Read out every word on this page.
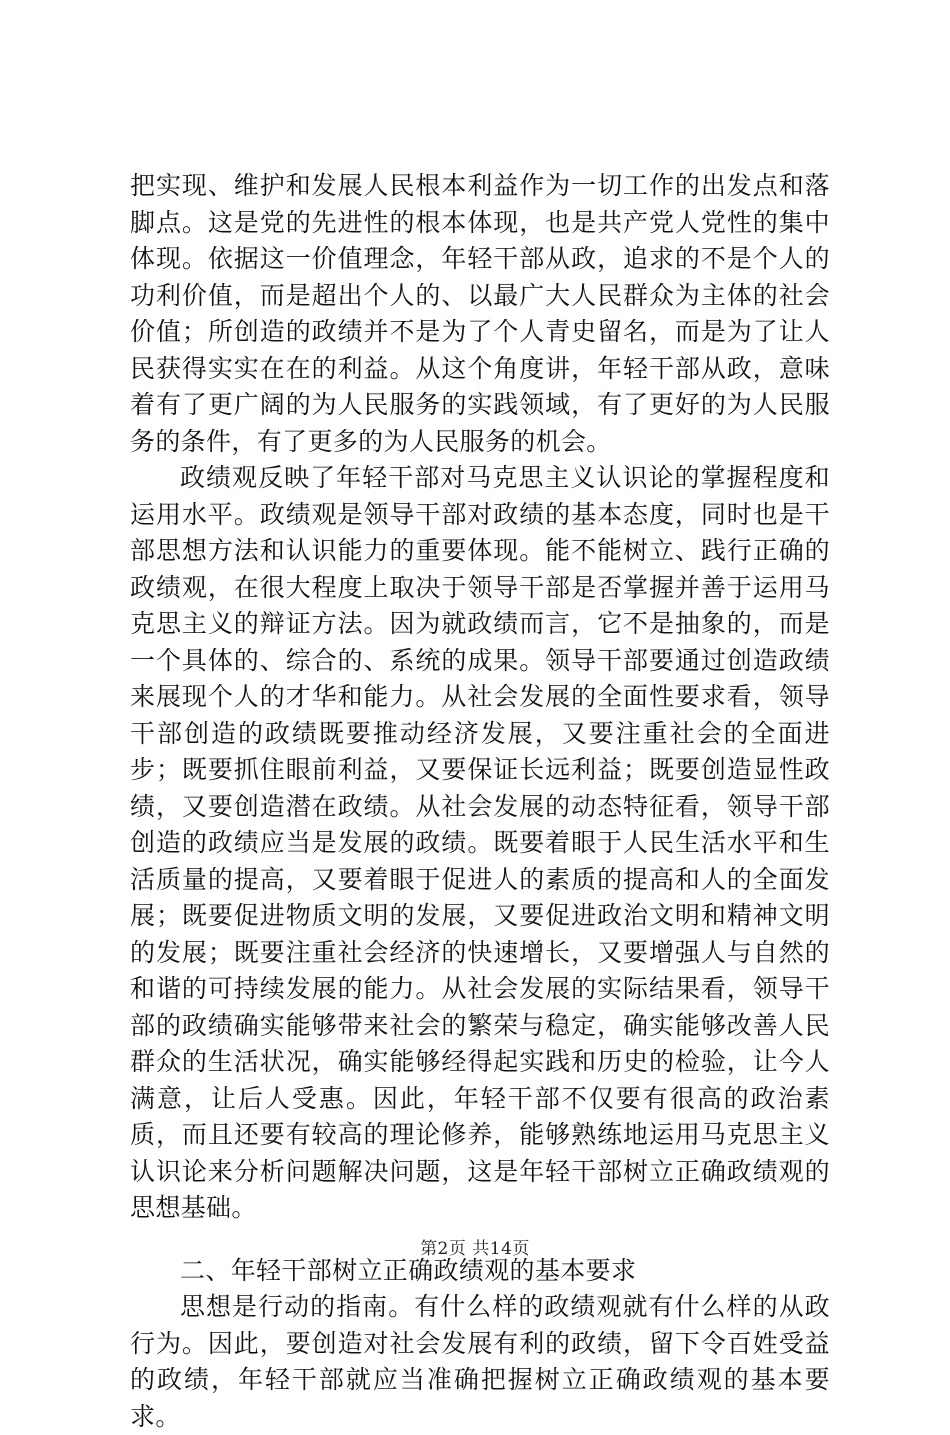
把实现、维护和发展人民根本利益作为一切工作的出发点和落脚点。这是党的先进性的根本体现，也是共产党人党性的集中体现。依据这一价值理念，年轻干部从政，追求的不是个人的功利价值，而是超出个人的、以最广大人民群众为主体的社会价值；所创造的政绩并不是为了个人青史留名，而是为了让人民获得实实在在的利益。从这个角度讲，年轻干部从政，意味着有了更广阔的为人民服务的实践领域，有了更好的为人民服务的条件，有了更多的为人民服务的机会。

政绩观反映了年轻干部对马克思主义认识论的掌握程度和运用水平。政绩观是领导干部对政绩的基本态度，同时也是干部思想方法和认识能力的重要体现。能不能树立、践行正确的政绩观，在很大程度上取决于领导干部是否掌握并善于运用马克思主义的辩证方法。因为就政绩而言，它不是抽象的，而是一个具体的、综合的、系统的成果。领导干部要通过创造政绩来展现个人的才华和能力。从社会发展的全面性要求看，领导干部创造的政绩既要推动经济发展，又要注重社会的全面进步；既要抓住眼前利益，又要保证长远利益；既要创造显性政绩，又要创造潜在政绩。从社会发展的动态特征看，领导干部创造的政绩应当是发展的政绩。既要着眼于人民生活水平和生活质量的提高，又要着眼于促进人的素质的提高和人的全面发展；既要促进物质文明的发展，又要促进政治文明和精神文明的发展；既要注重社会经济的快速增长，又要增强人与自然的和谐的可持续发展的能力。从社会发展的实际结果看，领导干部的政绩确实能够带来社会的繁荣与稳定，确实能够改善人民群众的生活状况，确实能够经得起实践和历史的检验，让今人满意，让后人受惠。因此，年轻干部不仅要有很高的政治素质，而且还要有较高的理论修养，能够熟练地运用马克思主义认识论来分析问题解决问题，这是年轻干部树立正确政绩观的思想基础。

二、年轻干部树立正确政绩观的基本要求

思想是行动的指南。有什么样的政绩观就有什么样的从政行为。因此，要创造对社会发展有利的政绩，留下令百姓受益的政绩，年轻干部就应当准确把握树立正确政绩观的基本要求。

第2页 共14页
